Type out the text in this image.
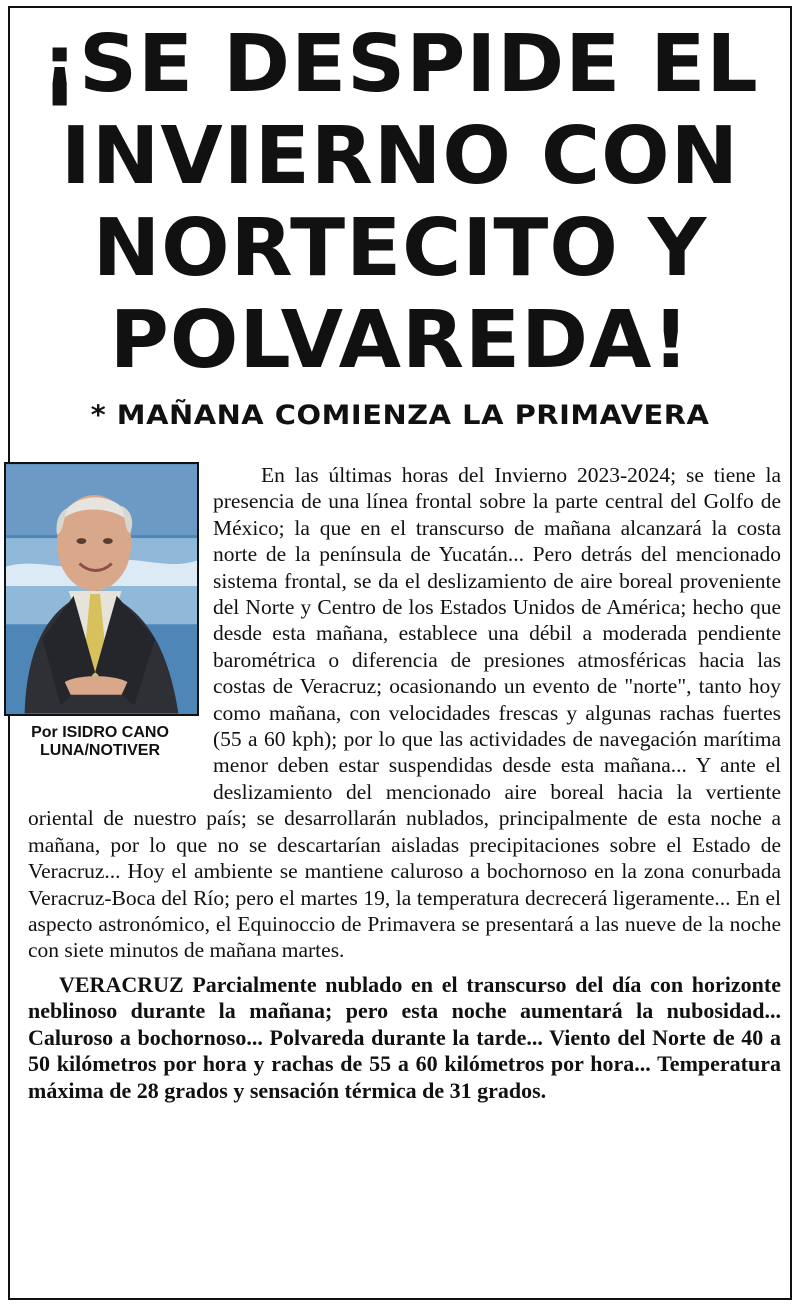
¡SE DESPIDE EL
INVIERNO CON
NORTECITO Y
POLVAREDA!
* MAÑANA COMIENZA LA PRIMAVERA
Por ISIDRO CANO
LUNA/NOTIVER

En las últimas horas del Invierno 2023-2024; se tiene la presencia de una línea frontal sobre la parte central del Golfo de México; la que en el transcurso de mañana alcanzará la costa norte de la península de Yucatán... Pero detrás del mencionado sistema frontal, se da el deslizamiento de aire boreal proveniente del Norte y Centro de los Estados Unidos de América; hecho que desde esta mañana, establece una débil a moderada pendiente barométrica o diferencia de presiones atmosféricas hacia las costas de Veracruz; ocasionando un evento de "norte", tanto hoy como mañana, con velocidades frescas y algunas rachas fuertes (55 a 60 kph); por lo que las actividades de navegación marítima menor deben estar suspendidas desde esta mañana... Y ante el deslizamiento del mencionado aire boreal hacia la vertiente oriental de nuestro país; se desarrollarán nublados, principalmente de esta noche a mañana, por lo que no se descartarían aisladas precipitaciones sobre el Estado de Veracruz... Hoy el ambiente se mantiene caluroso a bochornoso en la zona conurbada Veracruz-Boca del Río; pero el martes 19, la temperatura decrecerá ligeramente... En el aspecto astronómico, el Equinoccio de Primavera se presentará a las nueve de la noche con siete minutos de mañana martes.

VERACRUZ Parcialmente nublado en el transcurso del día con horizonte neblinoso durante la mañana; pero esta noche aumentará la nubosidad... Caluroso a bochornoso... Polvareda durante la tarde... Viento del Norte de 40 a 50 kilómetros por hora y rachas de 55 a 60 kilómetros por hora... Temperatura máxima de 28 grados y sensación térmica de 31 grados.
